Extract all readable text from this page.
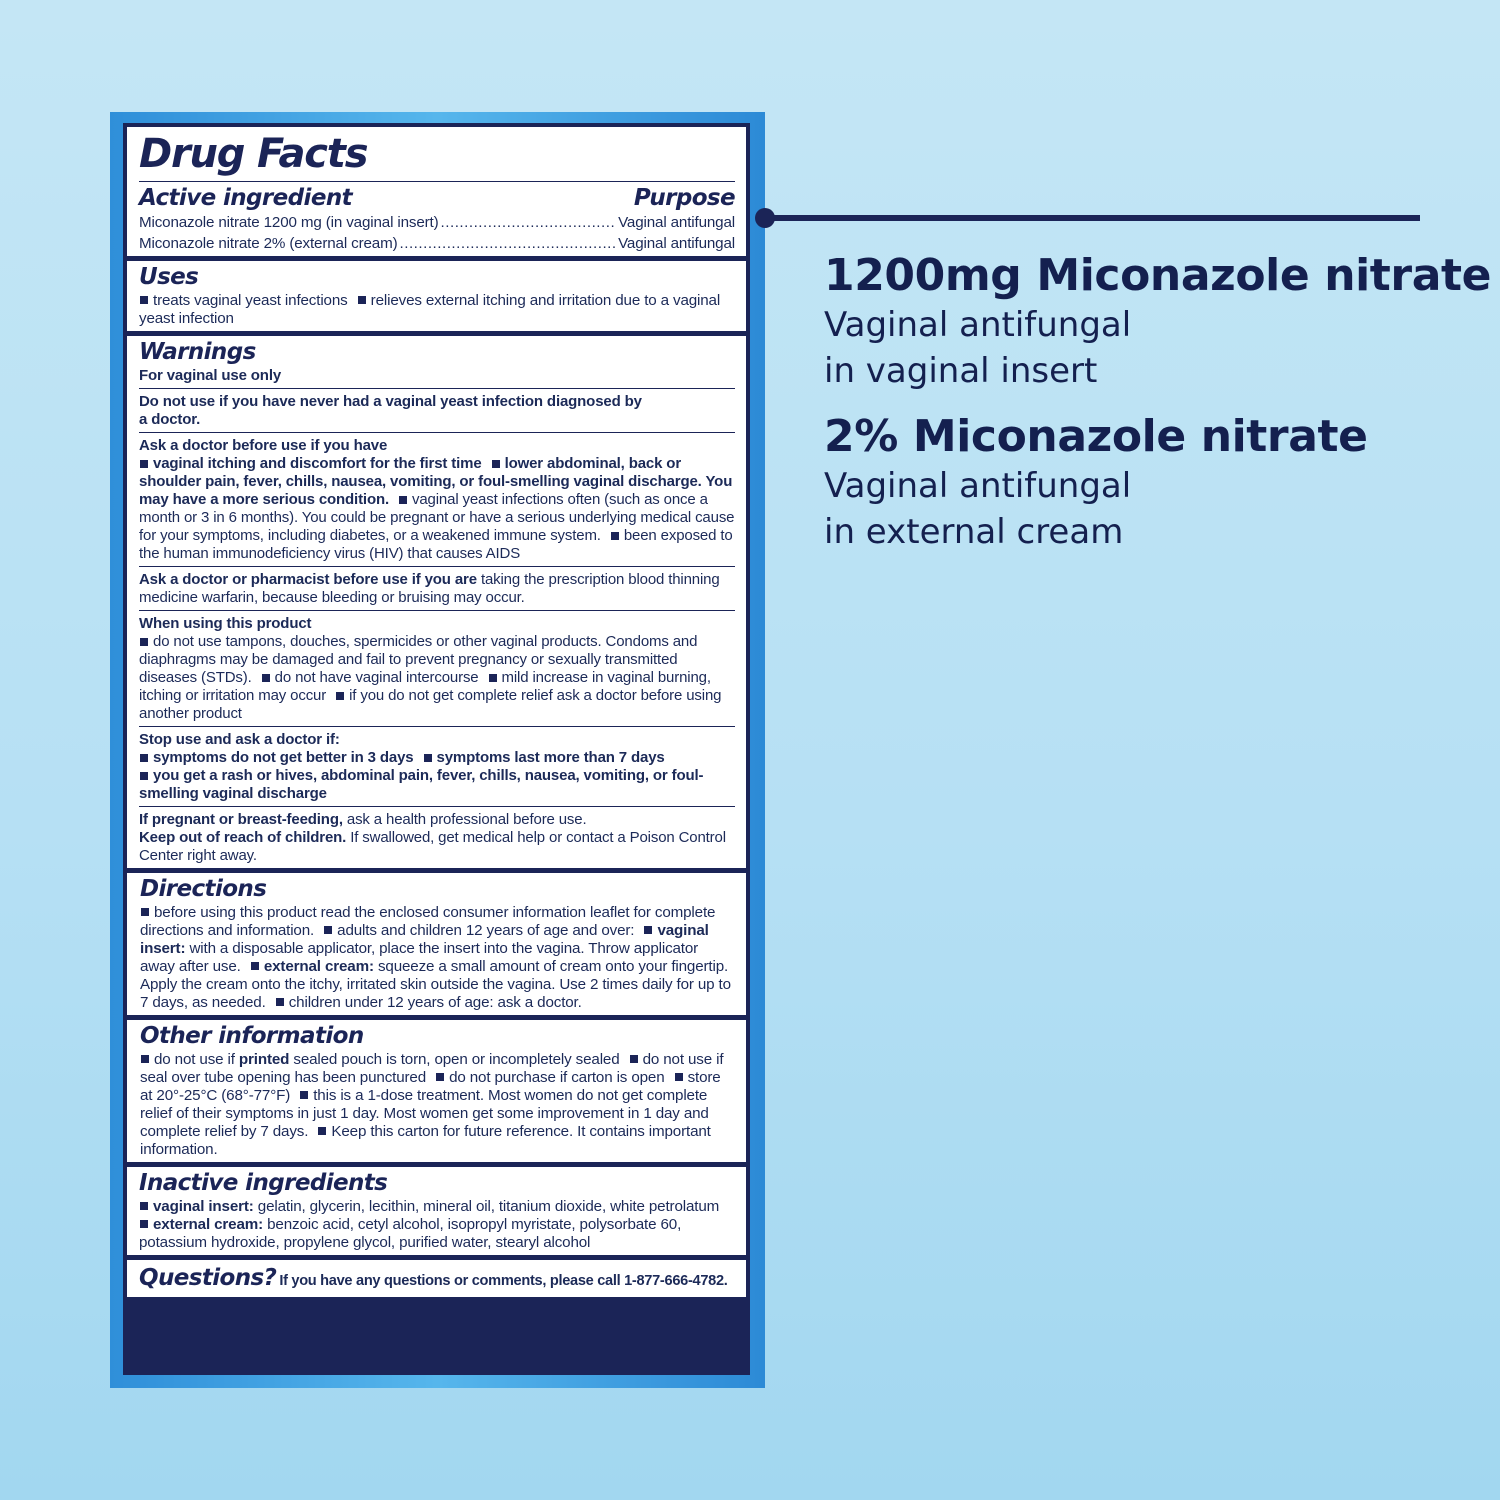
Drug Facts
Active ingredient	Purpose
Miconazole nitrate 1200 mg (in vaginal insert) .....	Vaginal antifungal
Miconazole nitrate 2% (external cream) .....	Vaginal antifungal
Uses
treats vaginal yeast infections relieves external itching and irritation due to a vaginal yeast infection
Warnings
For vaginal use only
Do not use if you have never had a vaginal yeast infection diagnosed by a doctor.
Ask a doctor before use if you have
vaginal itching and discomfort for the first time lower abdominal, back or shoulder pain, fever, chills, nausea, vomiting, or foul-smelling vaginal discharge. You may have a more serious condition. vaginal yeast infections often (such as once a month or 3 in 6 months). You could be pregnant or have a serious underlying medical cause for your symptoms, including diabetes, or a weakened immune system. been exposed to the human immunodeficiency virus (HIV) that causes AIDS
Ask a doctor or pharmacist before use if you are taking the prescription blood thinning medicine warfarin, because bleeding or bruising may occur.
When using this product
do not use tampons, douches, spermicides or other vaginal products. Condoms and diaphragms may be damaged and fail to prevent pregnancy or sexually transmitted diseases (STDs). do not have vaginal intercourse mild increase in vaginal burning, itching or irritation may occur if you do not get complete relief ask a doctor before using another product
Stop use and ask a doctor if:
symptoms do not get better in 3 days symptoms last more than 7 days
you get a rash or hives, abdominal pain, fever, chills, nausea, vomiting, or foul-smelling vaginal discharge
If pregnant or breast-feeding, ask a health professional before use.
Keep out of reach of children. If swallowed, get medical help or contact a Poison Control Center right away.
Directions
before using this product read the enclosed consumer information leaflet for complete directions and information. adults and children 12 years of age and over: vaginal insert: with a disposable applicator, place the insert into the vagina. Throw applicator away after use. external cream: squeeze a small amount of cream onto your fingertip. Apply the cream onto the itchy, irritated skin outside the vagina. Use 2 times daily for up to 7 days, as needed. children under 12 years of age: ask a doctor.
Other information
do not use if printed sealed pouch is torn, open or incompletely sealed do not use if seal over tube opening has been punctured do not purchase if carton is open store at 20°-25°C (68°-77°F) this is a 1-dose treatment. Most women do not get complete relief of their symptoms in just 1 day. Most women get some improvement in 1 day and complete relief by 7 days. Keep this carton for future reference. It contains important information.
Inactive ingredients
vaginal insert: gelatin, glycerin, lecithin, mineral oil, titanium dioxide, white petrolatum
external cream: benzoic acid, cetyl alcohol, isopropyl myristate, polysorbate 60, potassium hydroxide, propylene glycol, purified water, stearyl alcohol
Questions? If you have any questions or comments, please call 1-877-666-4782.
1200mg Miconazole nitrate
Vaginal antifungal
in vaginal insert
2% Miconazole nitrate
Vaginal antifungal
in external cream
